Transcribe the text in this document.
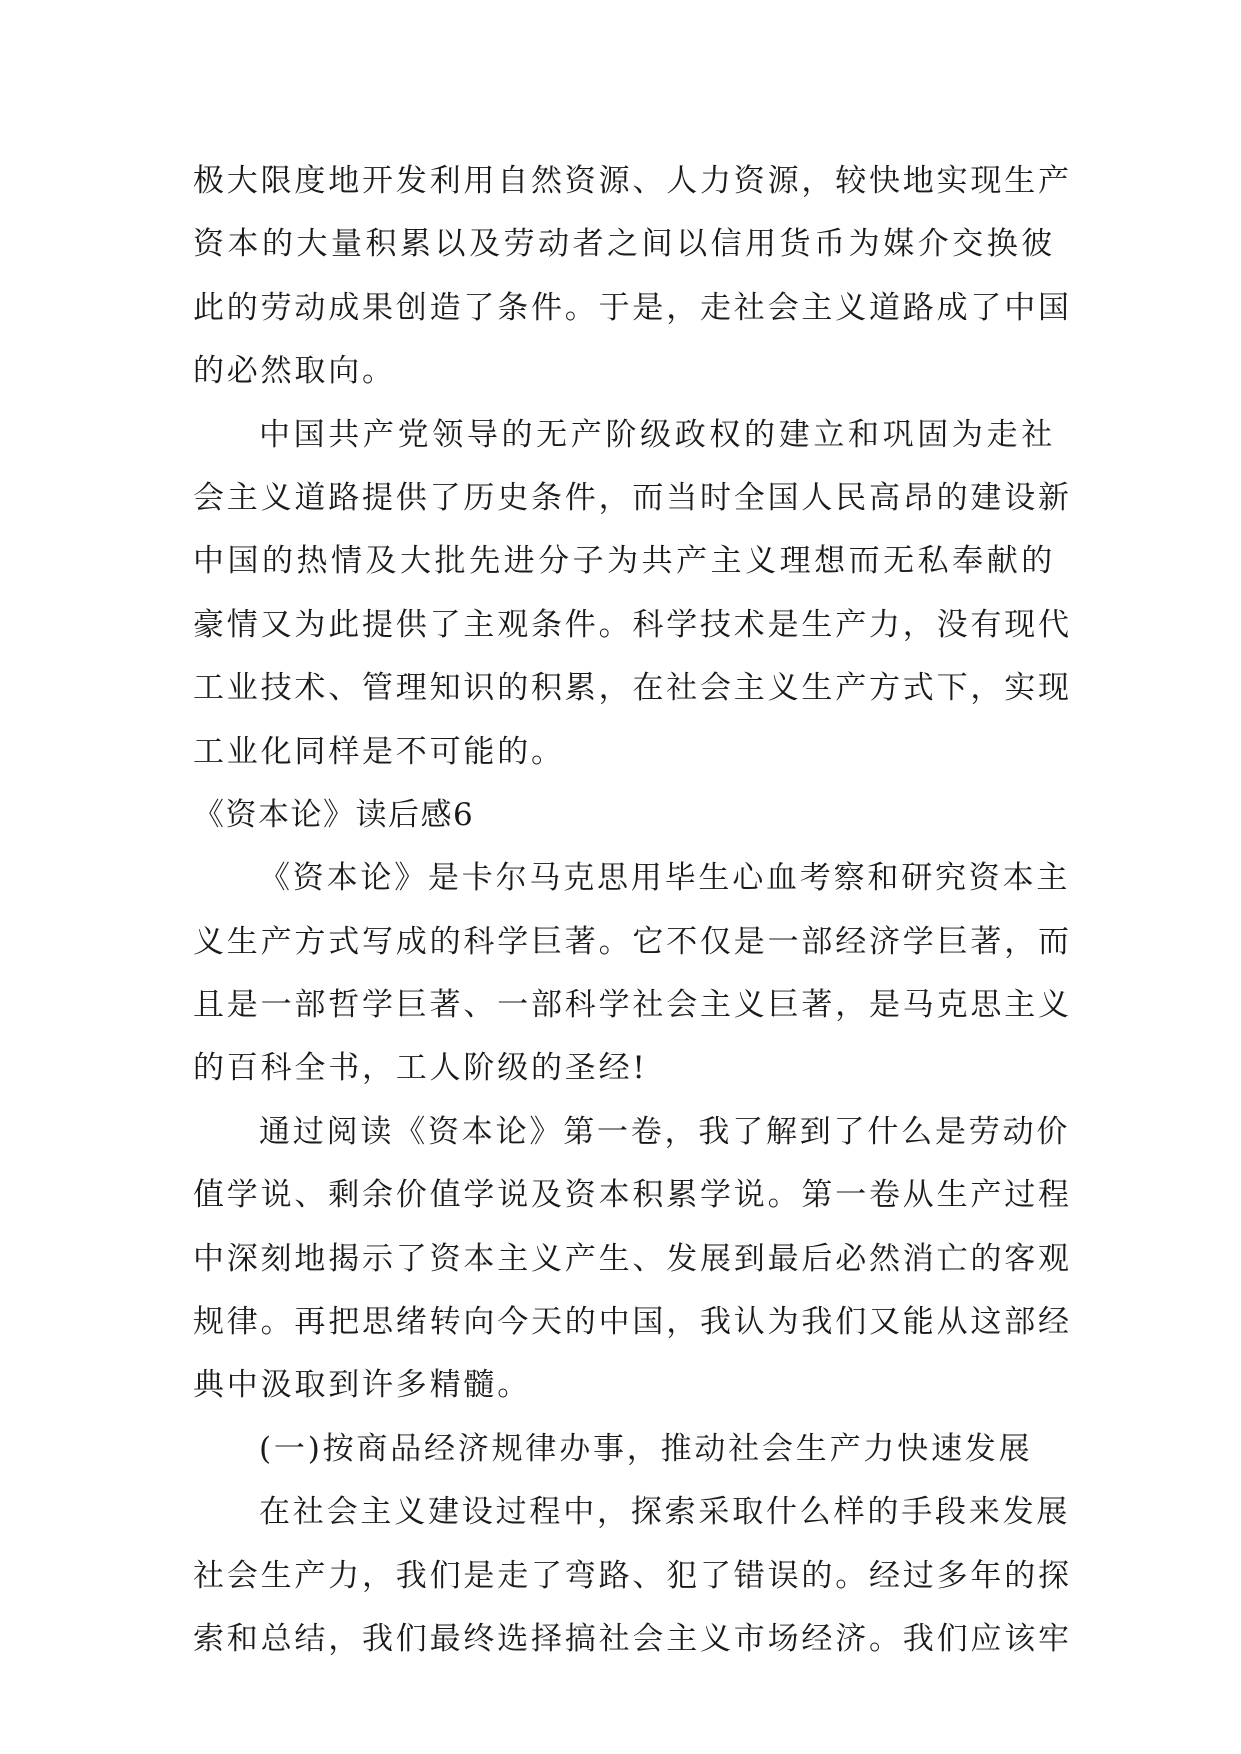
极大限度地开发利用自然资源、人力资源，较快地实现生产
资本的大量积累以及劳动者之间以信用货币为媒介交换彼
此的劳动成果创造了条件。于是，走社会主义道路成了中国
的必然取向。
中国共产党领导的无产阶级政权的建立和巩固为走社
会主义道路提供了历史条件，而当时全国人民高昂的建设新
中国的热情及大批先进分子为共产主义理想而无私奉献的
豪情又为此提供了主观条件。科学技术是生产力，没有现代
工业技术、管理知识的积累，在社会主义生产方式下，实现
工业化同样是不可能的。
《资本论》读后感6
《资本论》是卡尔马克思用毕生心血考察和研究资本主
义生产方式写成的科学巨著。它不仅是一部经济学巨著，而
且是一部哲学巨著、一部科学社会主义巨著，是马克思主义
的百科全书，工人阶级的圣经!
通过阅读《资本论》第一卷，我了解到了什么是劳动价
值学说、剩余价值学说及资本积累学说。第一卷从生产过程
中深刻地揭示了资本主义产生、发展到最后必然消亡的客观
规律。再把思绪转向今天的中国，我认为我们又能从这部经
典中汲取到许多精髓。
(一)按商品经济规律办事，推动社会生产力快速发展
在社会主义建设过程中，探索采取什么样的手段来发展
社会生产力，我们是走了弯路、犯了错误的。经过多年的探
索和总结，我们最终选择搞社会主义市场经济。我们应该牢
